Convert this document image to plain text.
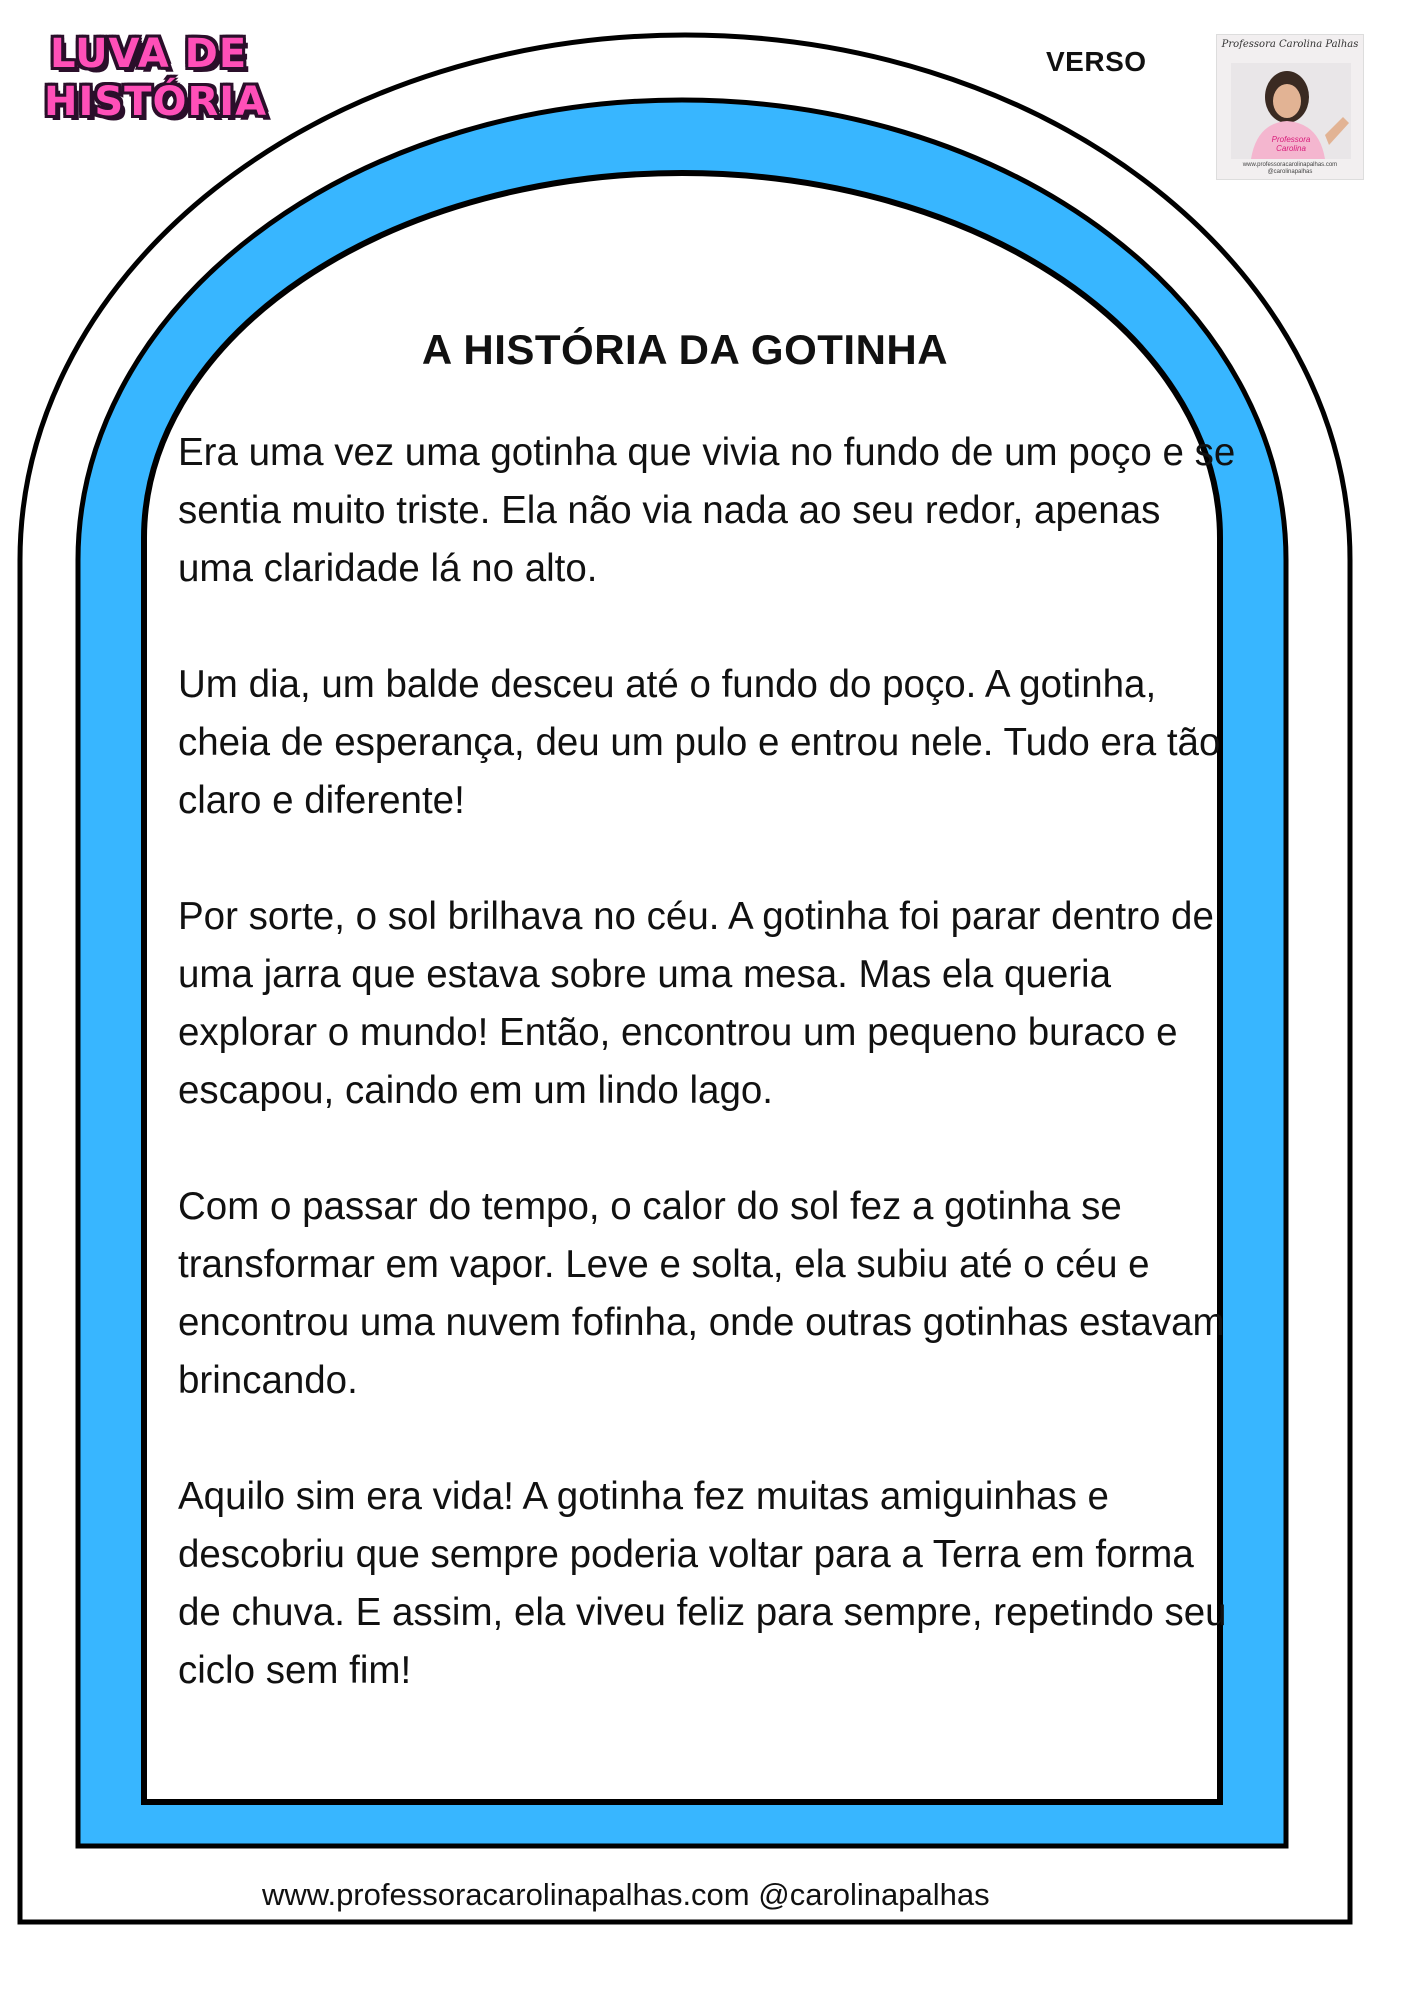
LUVA DE
HISTÓRIA
VERSO
Professora Carolina Palhas
Professora
Carolina
www.professoracarolinapalhas.com
@carolinapalhas
A HISTÓRIA DA GOTINHA

Era uma vez uma gotinha que vivia no fundo de um poço e se sentia muito triste. Ela não via nada ao seu redor, apenas uma claridade lá no alto.

Um dia, um balde desceu até o fundo do poço. A gotinha, cheia de esperança, deu um pulo e entrou nele. Tudo era tão claro e diferente!

Por sorte, o sol brilhava no céu. A gotinha foi parar dentro de uma jarra que estava sobre uma mesa. Mas ela queria explorar o mundo! Então, encontrou um pequeno buraco e escapou, caindo em um lindo lago.

Com o passar do tempo, o calor do sol fez a gotinha se transformar em vapor. Leve e solta, ela subiu até o céu e encontrou uma nuvem fofinha, onde outras gotinhas estavam brincando.

Aquilo sim era vida! A gotinha fez muitas amiguinhas e descobriu que sempre poderia voltar para a Terra em forma de chuva. E assim, ela viveu feliz para sempre, repetindo seu ciclo sem fim!

www.professoracarolinapalhas.com @carolinapalhas
